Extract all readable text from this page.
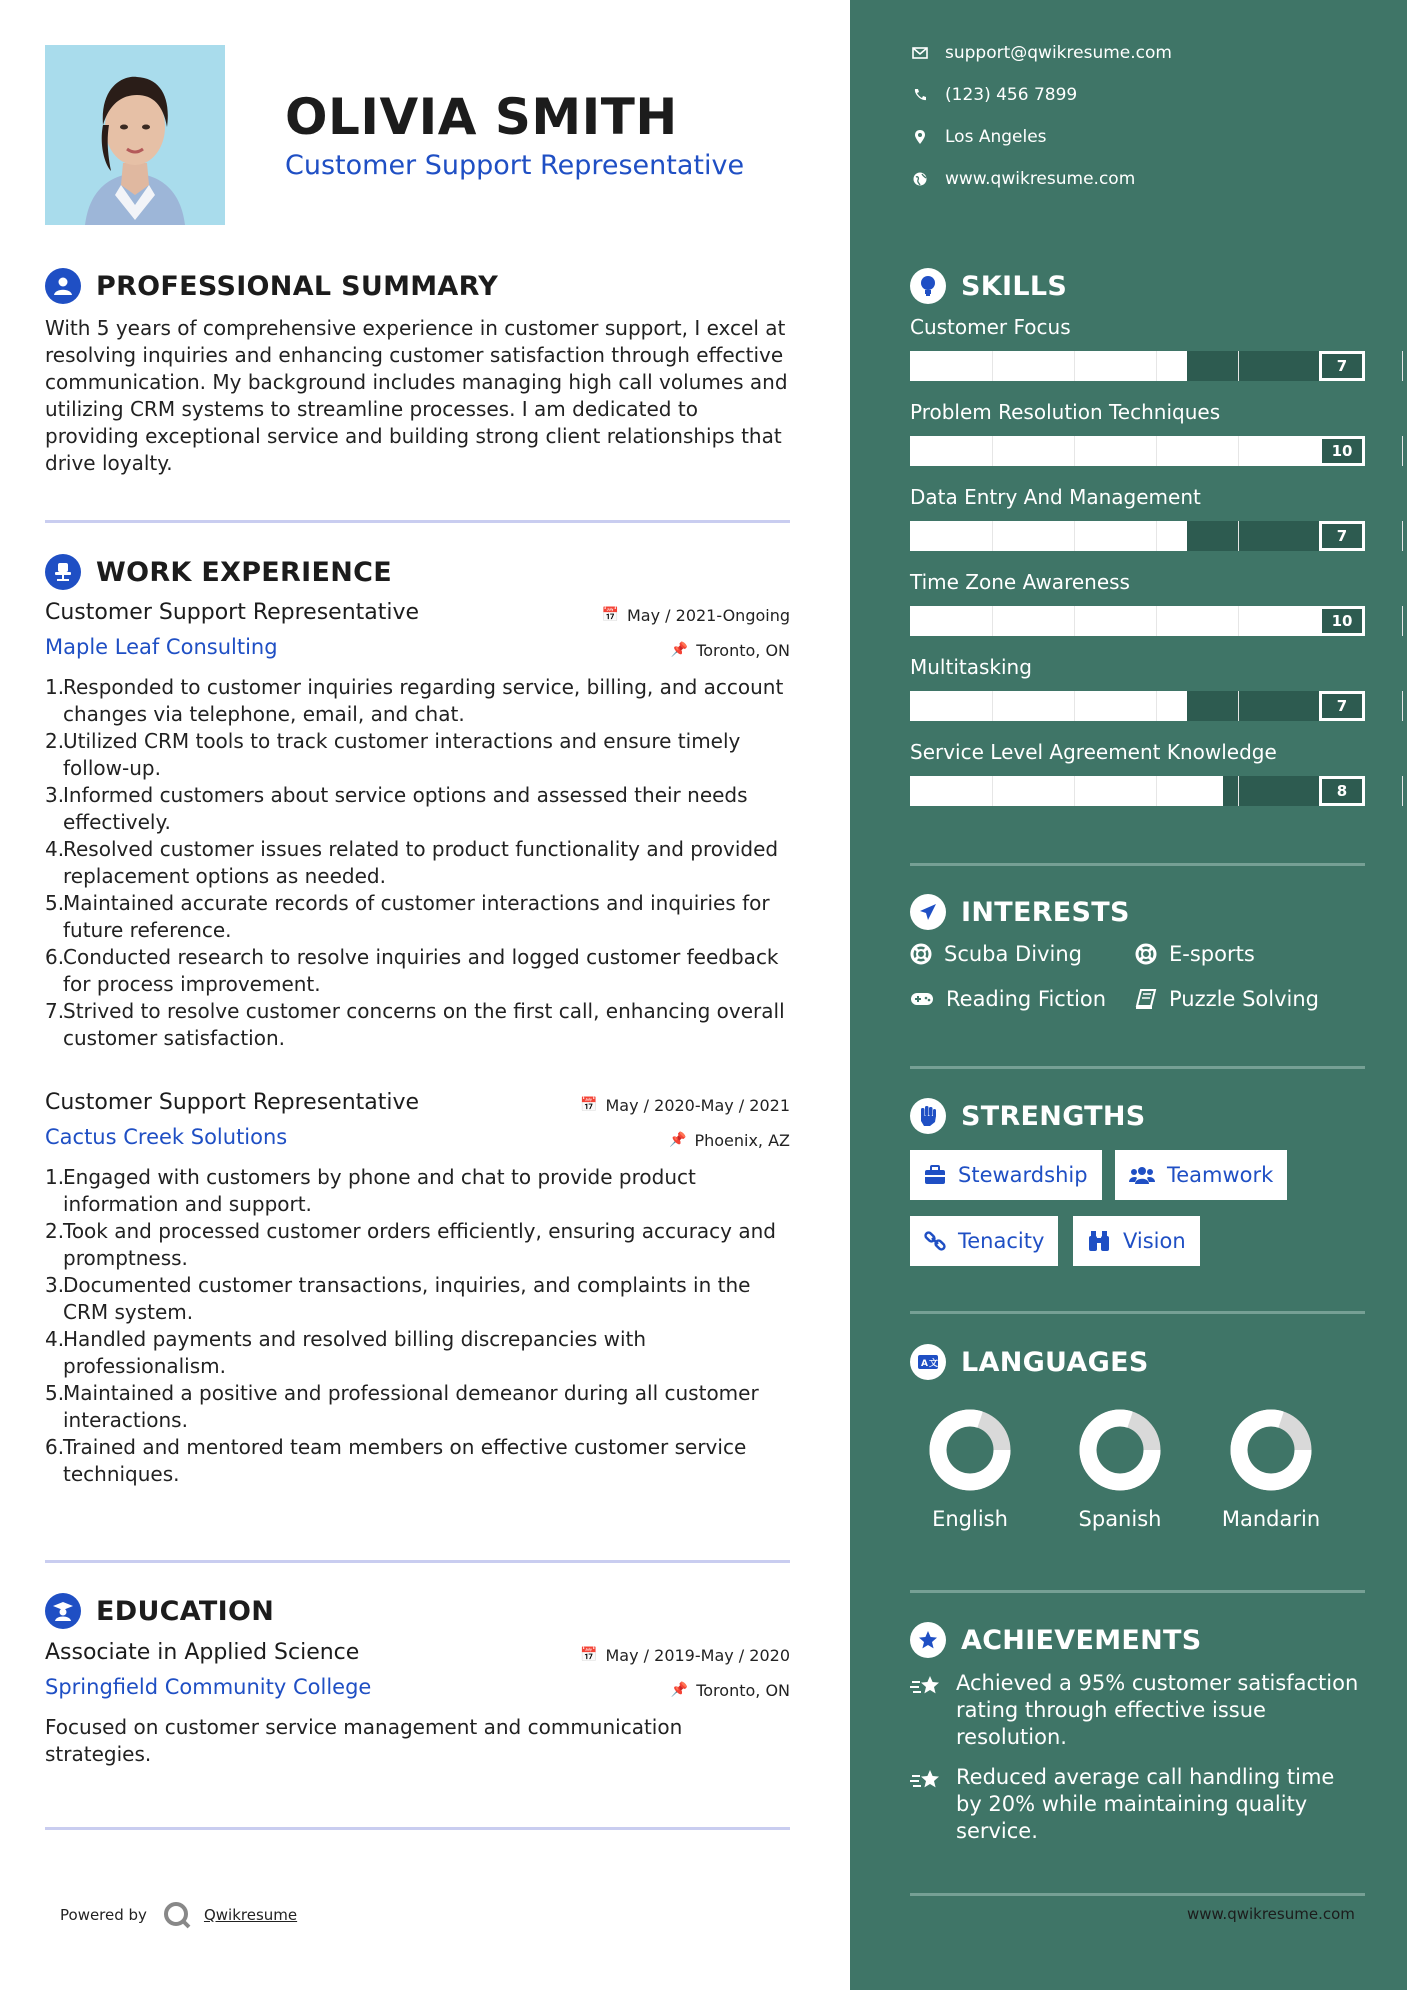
OLIVIA SMITH
Customer Support Representative
PROFESSIONAL SUMMARY
With 5 years of comprehensive experience in customer support, I excel at resolving inquiries and enhancing customer satisfaction through effective communication. My background includes managing high call volumes and utilizing CRM systems to streamline processes. I am dedicated to providing exceptional service and building strong client relationships that drive loyalty.
WORK EXPERIENCE
Customer Support Representative	📅 May / 2021-Ongoing
Maple Leaf Consulting	📌 Toronto, ON
1.
Responded to customer inquiries regarding service, billing, and account changes via telephone, email, and chat.
2.
Utilized CRM tools to track customer interactions and ensure timely follow-up.
3.
Informed customers about service options and assessed their needs effectively.
4.
Resolved customer issues related to product functionality and provided replacement options as needed.
5.
Maintained accurate records of customer interactions and inquiries for future reference.
6.
Conducted research to resolve inquiries and logged customer feedback for process improvement.
7.
Strived to resolve customer concerns on the first call, enhancing overall customer satisfaction.
Customer Support Representative	📅 May / 2020-May / 2021
Cactus Creek Solutions	📌 Phoenix, AZ
1.
Engaged with customers by phone and chat to provide product information and support.
2.
Took and processed customer orders efficiently, ensuring accuracy and promptness.
3.
Documented customer transactions, inquiries, and complaints in the CRM system.
4.
Handled payments and resolved billing discrepancies with professionalism.
5.
Maintained a positive and professional demeanor during all customer interactions.
6.
Trained and mentored team members on effective customer service techniques.
EDUCATION
Associate in Applied Science	📅 May / 2019-May / 2020
Springfield Community College	📌 Toronto, ON
Focused on customer service management and communication strategies.
Powered by	Qwikresume
support@qwikresume.com
(123) 456 7899
Los Angeles
www.qwikresume.com
SKILLS
Customer Focus
7
Problem Resolution Techniques
10
Data Entry And Management
7
Time Zone Awareness
10
Multitasking
7
Service Level Agreement Knowledge
8
INTERESTS
Scuba Diving	E-sports
Reading Fiction	Puzzle Solving
STRENGTHS
Stewardship	Teamwork
Tenacity	Vision
A 文 LANGUAGES
English	Spanish	Mandarin
ACHIEVEMENTS
Achieved a 95% customer satisfaction rating through effective issue resolution.
Reduced average call handling time by 20% while maintaining quality service.
www.qwikresume.com
